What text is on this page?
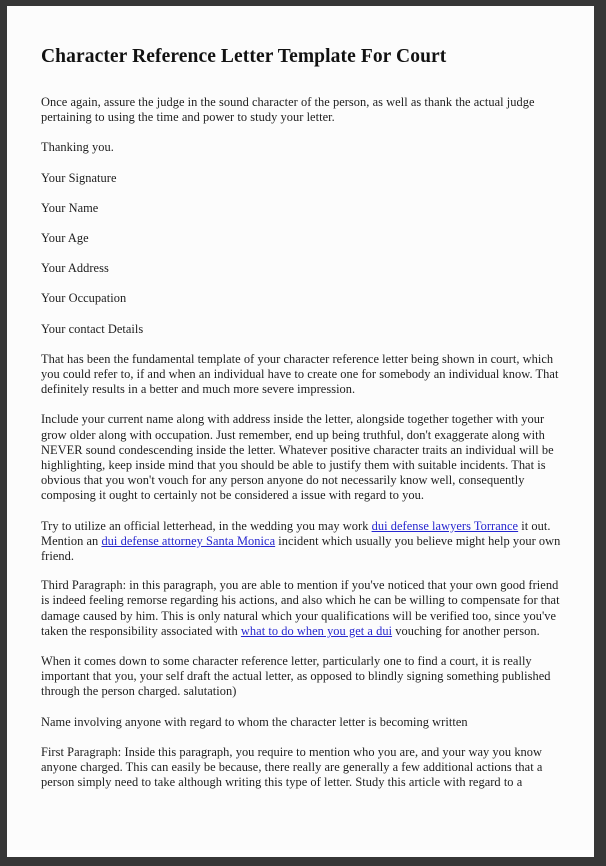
Character Reference Letter Template For Court

Once again, assure the judge in the sound character of the person, as well as thank the actual judge pertaining to using the time and power to study your letter.

Thanking you.

Your Signature

Your Name

Your Age

Your Address

Your Occupation

Your contact Details

That has been the fundamental template of your character reference letter being shown in court, which you could refer to, if and when an individual have to create one for somebody an individual know. That definitely results in a better and much more severe impression.

Include your current name along with address inside the letter, alongside together together with your grow older along with occupation. Just remember, end up being truthful, don't exaggerate along with NEVER sound condescending inside the letter. Whatever positive character traits an individual will be highlighting, keep inside mind that you should be able to justify them with suitable incidents. That is obvious that you won't vouch for any person anyone do not necessarily know well, consequently composing it ought to certainly not be considered a issue with regard to you.

Try to utilize an official letterhead, in the wedding you may work dui defense lawyers Torrance it out. Mention an dui defense attorney Santa Monica incident which usually you believe might help your own friend.

Third Paragraph: in this paragraph, you are able to mention if you've noticed that your own good friend is indeed feeling remorse regarding his actions, and also which he can be willing to compensate for that damage caused by him. This is only natural which your qualifications will be verified too, since you've taken the responsibility associated with what to do when you get a dui vouching for another person.

When it comes down to some character reference letter, particularly one to find a court, it is really important that you, your self draft the actual letter, as opposed to blindly signing something published through the person charged. salutation)

Name involving anyone with regard to whom the character letter is becoming written

First Paragraph: Inside this paragraph, you require to mention who you are, and your way you know anyone charged. This can easily be because, there really are generally a few additional actions that a person simply need to take although writing this type of letter. Study this article with regard to a
